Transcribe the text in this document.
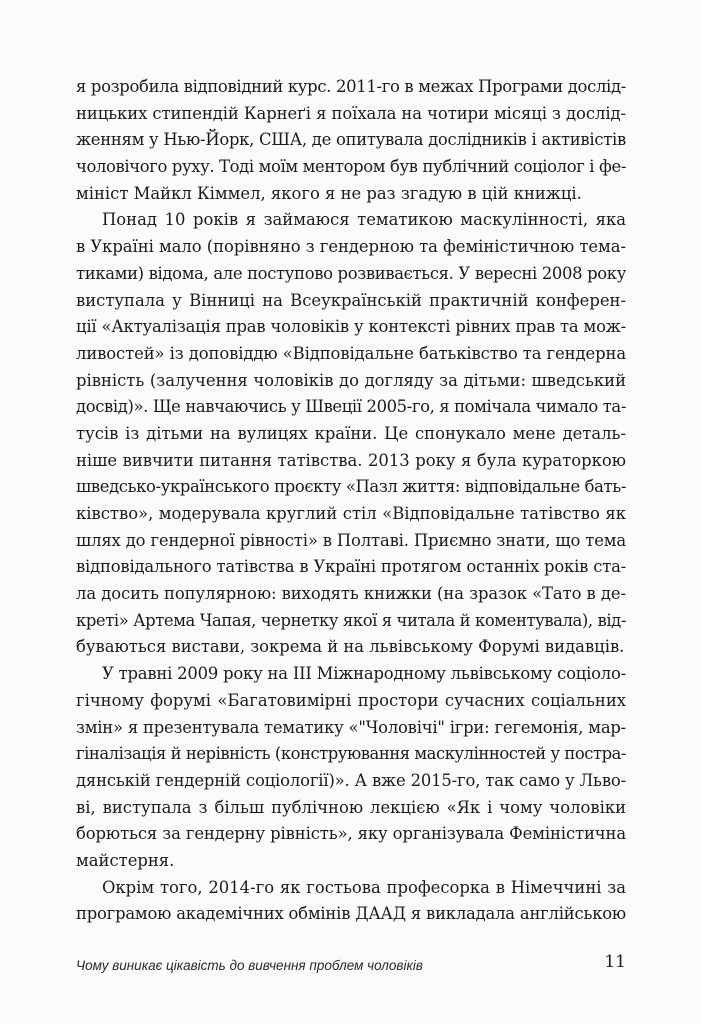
я розробила відповідний курс. 2011-го в межах Програми дослід-
ницьких стипендій Карнеґі я поїхала на чотири місяці з дослід-
женням у Нью-Йорк, США, де опитувала дослідників і активістів
чоловічого руху. Тоді моїм ментором був публічний соціолог і фе-
мініст Майкл Кіммел, якого я не раз згадую в цій книжці.
Понад 10 років я займаюся тематикою маскулінності, яка
в Україні мало (порівняно з гендерною та феміністичною тема-
тиками) відома, але поступово розвивається. У вересні 2008 року
виступала у Вінниці на Всеукраїнській практичній конферен-
ції «Актуалізація прав чоловіків у контексті рівних прав та мож-
ливостей» із доповіддю «Відповідальне батьківство та гендерна
рівність (залучення чоловіків до догляду за дітьми: шведський
досвід)». Ще навчаючись у Швеції 2005-го, я помічала чимало та-
тусів із дітьми на вулицях країни. Це спонукало мене деталь-
ніше вивчити питання татівства. 2013 року я була кураторкою
шведсько-українського проєкту «Пазл життя: відповідальне бать-
ківство», модерувала круглий стіл «Відповідальне татівство як
шлях до гендерної рівності» в Полтаві. Приємно знати, що тема
відповідального татівства в Україні протягом останніх років ста-
ла досить популярною: виходять книжки (на зразок «Тато в де-
креті» Артема Чапая, чернетку якої я читала й коментувала), від-
буваються вистави, зокрема й на львівському Форумі видавців.
У травні 2009 року на III Міжнародному львівському соціоло-
гічному форумі «Багатовимірні простори сучасних соціальних
змін» я презентувала тематику «"Чоловічі" ігри: гегемонія, мар-
гіналізація й нерівність (конструювання маскулінностей у постра-
дянській гендерній соціології)». А вже 2015-го, так само у Льво-
ві, виступала з більш публічною лекцією «Як і чому чоловіки
борються за гендерну рівність», яку організувала Феміністична
майстерня.
Окрім того, 2014-го як гостьова професорка в Німеччині за
програмою академічних обмінів ДААД я викладала англійською
Чому виникає цікавість до вивчення проблем чоловіків	11
